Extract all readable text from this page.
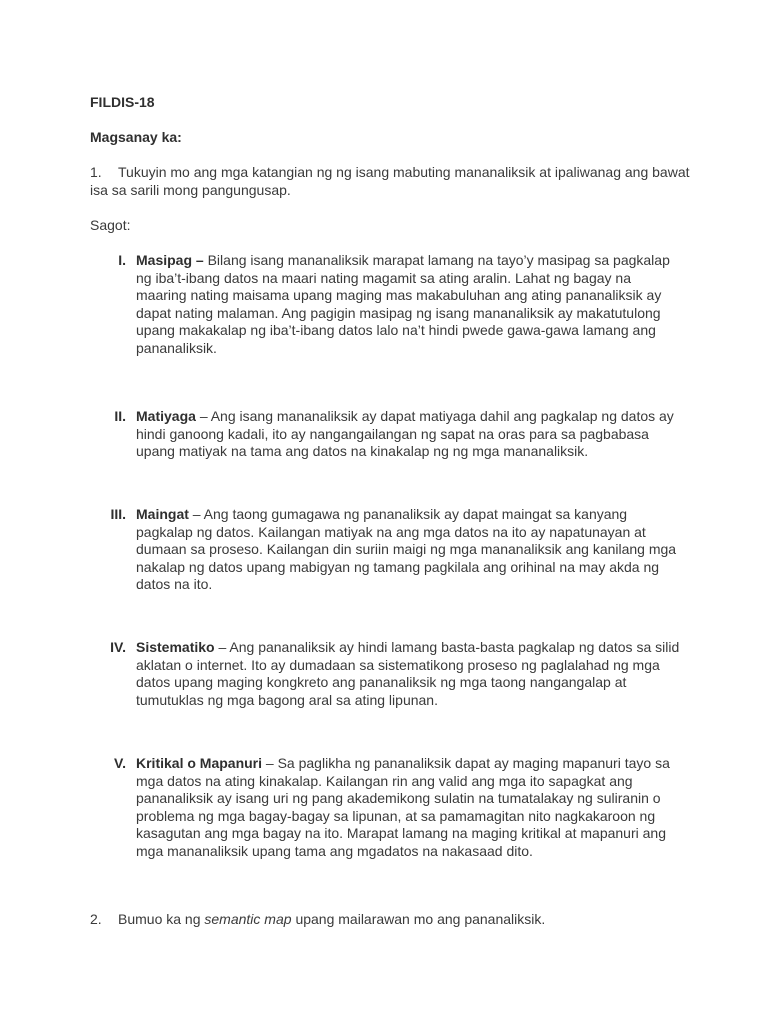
FILDIS-18
Magsanay ka:
1. Tukuyin mo ang mga katangian ng ng isang mabuting mananaliksik at ipaliwanag ang bawat isa sa sarili mong pangungusap.
Sagot:
I. Masipag – Bilang isang mananaliksik marapat lamang na tayo’y masipag sa pagkalap ng iba’t-ibang datos na maari nating magamit sa ating aralin. Lahat ng bagay na maaring nating maisama upang maging mas makabuluhan ang ating pananaliksik ay dapat nating malaman. Ang pagigin masipag ng isang mananaliksik ay makatutulong upang makakalap ng iba’t-ibang datos lalo na’t hindi pwede gawa-gawa lamang ang pananaliksik.
II. Matiyaga – Ang isang mananaliksik ay dapat matiyaga dahil ang pagkalap ng datos ay hindi ganoong kadali, ito ay nangangailangan ng sapat na oras para sa pagbabasa upang matiyak na tama ang datos na kinakalap ng ng mga mananaliksik.
III. Maingat – Ang taong gumagawa ng pananaliksik ay dapat maingat sa kanyang pagkalap ng datos. Kailangan matiyak na ang mga datos na ito ay napatunayan at dumaan sa proseso. Kailangan din suriin maigi ng mga mananaliksik ang kanilang mga nakalap ng datos upang mabigyan ng tamang pagkilala ang orihinal na may akda ng datos na ito.
IV. Sistematiko – Ang pananaliksik ay hindi lamang basta-basta pagkalap ng datos sa silid aklatan o internet. Ito ay dumadaan sa sistematikong proseso ng paglalahad ng mga datos upang maging kongkreto ang pananaliksik ng mga taong nangangalap at tumutuklas ng mga bagong aral sa ating lipunan.
V. Kritikal o Mapanuri – Sa paglikha ng pananaliksik dapat ay maging mapanuri tayo sa mga datos na ating kinakalap. Kailangan rin ang valid ang mga ito sapagkat ang pananaliksik ay isang uri ng pang akademikong sulatin na tumatalakay ng suliranin o problema ng mga bagay-bagay sa lipunan, at sa pamamagitan nito nagkakaroon ng kasagutan ang mga bagay na ito. Marapat lamang na maging kritikal at mapanuri ang mga mananaliksik upang tama ang mgadatos na nakasaad dito.
2. Bumuo ka ng semantic map upang mailarawan mo ang pananaliksik.
